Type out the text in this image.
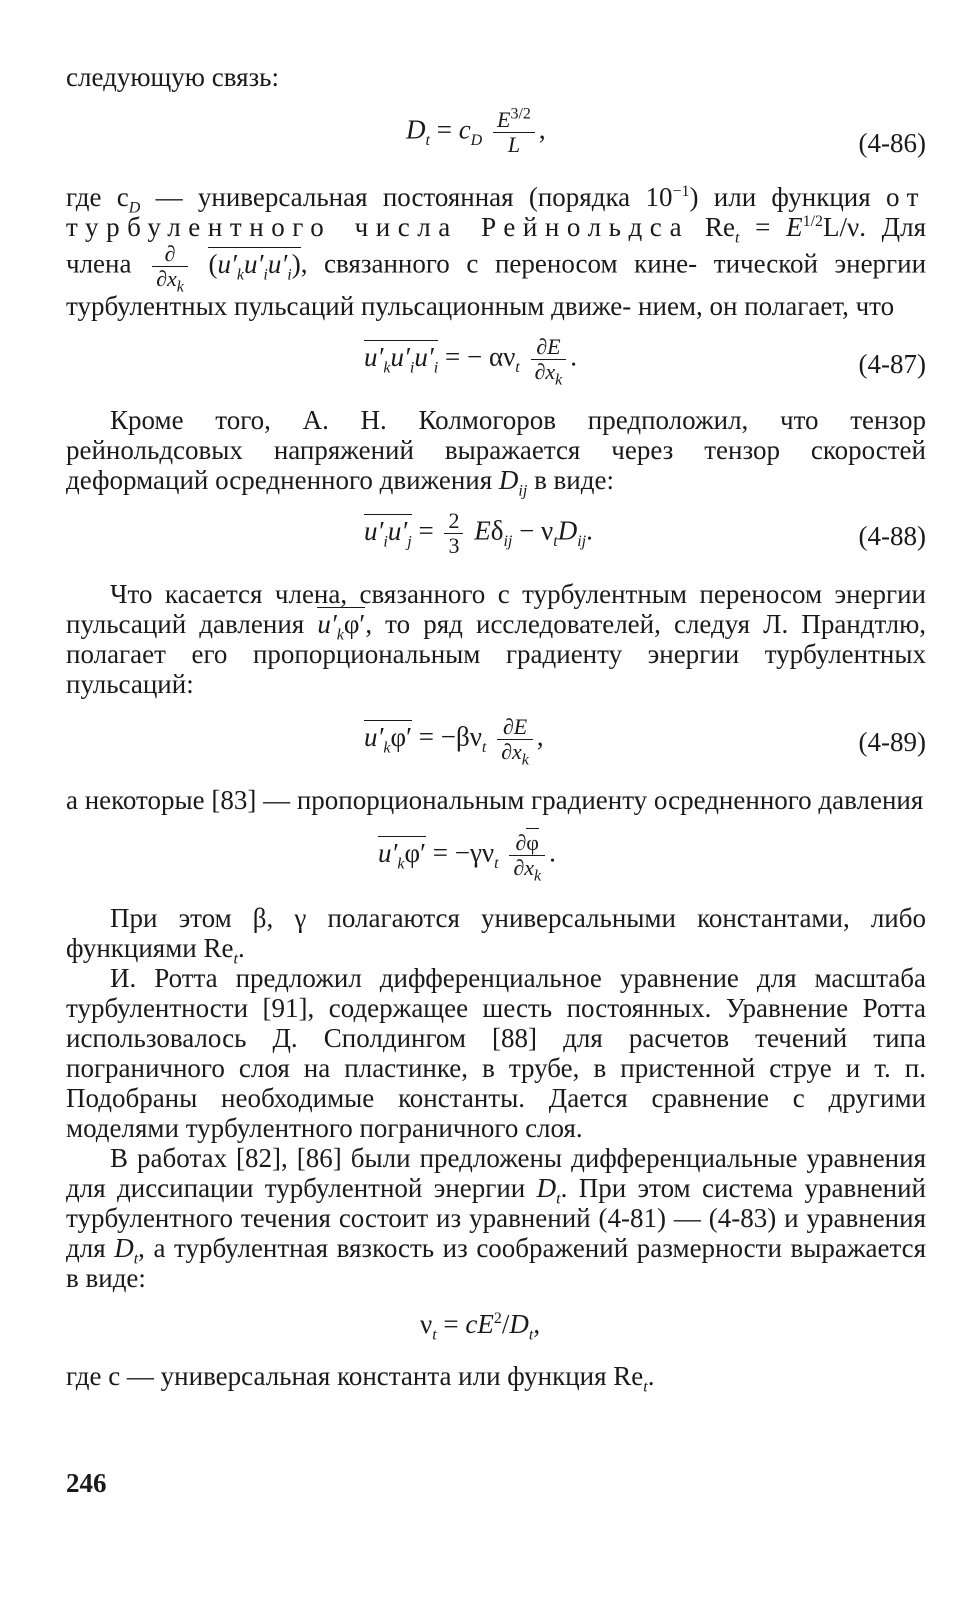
следующую связь:

$D_t = c_D \frac{E^{3/2}}{L}$ ,	(4-86)

где $c_D$ — универсальная постоянная (порядка $10^{-1}$) или функция от турбулентного числа Рейнольдса $Re_t = E^{1/2}L/\nu$. Для члена $\frac{\partial}{\partial x_k} (u'_ku'_iu'_i)$, связанного с переносом кине- тической энергии турбулентных пульсаций пульсационным движе- нием, он полагает, что

$u'_ku'_iu'_i$ = − $\alpha\nu_t \frac{\partial E}{\partial x_k}$ .	(4-87)

Кроме того, А. Н. Колмогоров предположил, что тензор рейнольдсовых напряжений выражается через тензор скоростей деформаций осредненного движения $D_{ij}$ в виде:

$u'_iu'_j = \frac{2}{3} E\delta_{ij} - \nu_tD_{ij}$.	(4-88)

Что касается члена, связанного с турбулентным переносом энергии пульсаций давления $u'_k\varphi'$, то ряд исследователей, следуя Л. Прандтлю, полагает его пропорциональным градиенту энергии турбулентных пульсаций:

$u'_k\varphi' = -\beta\nu_t \frac{\partial E}{\partial x_k}$ ,	(4-89)

а некоторые [83] — пропорциональным градиенту осредненного давления

$u'_k\varphi' = -\gamma\nu_t \frac{\partial\varphi}{\partial x_k}$ .

При этом β, γ полагаются универсальными константами, либо функциями $Re_t$.

И. Ротта предложил дифференциальное уравнение для масштаба турбулентности [91], содержащее шесть постоянных. Уравнение Ротта использовалось Д. Сполдингом [88] для расчетов течений типа пограничного слоя на пластинке, в трубе, в пристенной струе и т. п. Подобраны необходимые константы. Дается сравнение с другими моделями турбулентного пограничного слоя.

В работах [82], [86] были предложены дифференциальные уравнения для диссипации турбулентной энергии $D_t$. При этом система уравнений турбулентного течения состоит из уравнений (4-81) — (4-83) и уравнения для $D_t$, а турбулентная вязкость из соображений размерности выражается в виде:

$\nu_t = cE^2/D_t$,

где c — универсальная константа или функция $Re_t$.

246
